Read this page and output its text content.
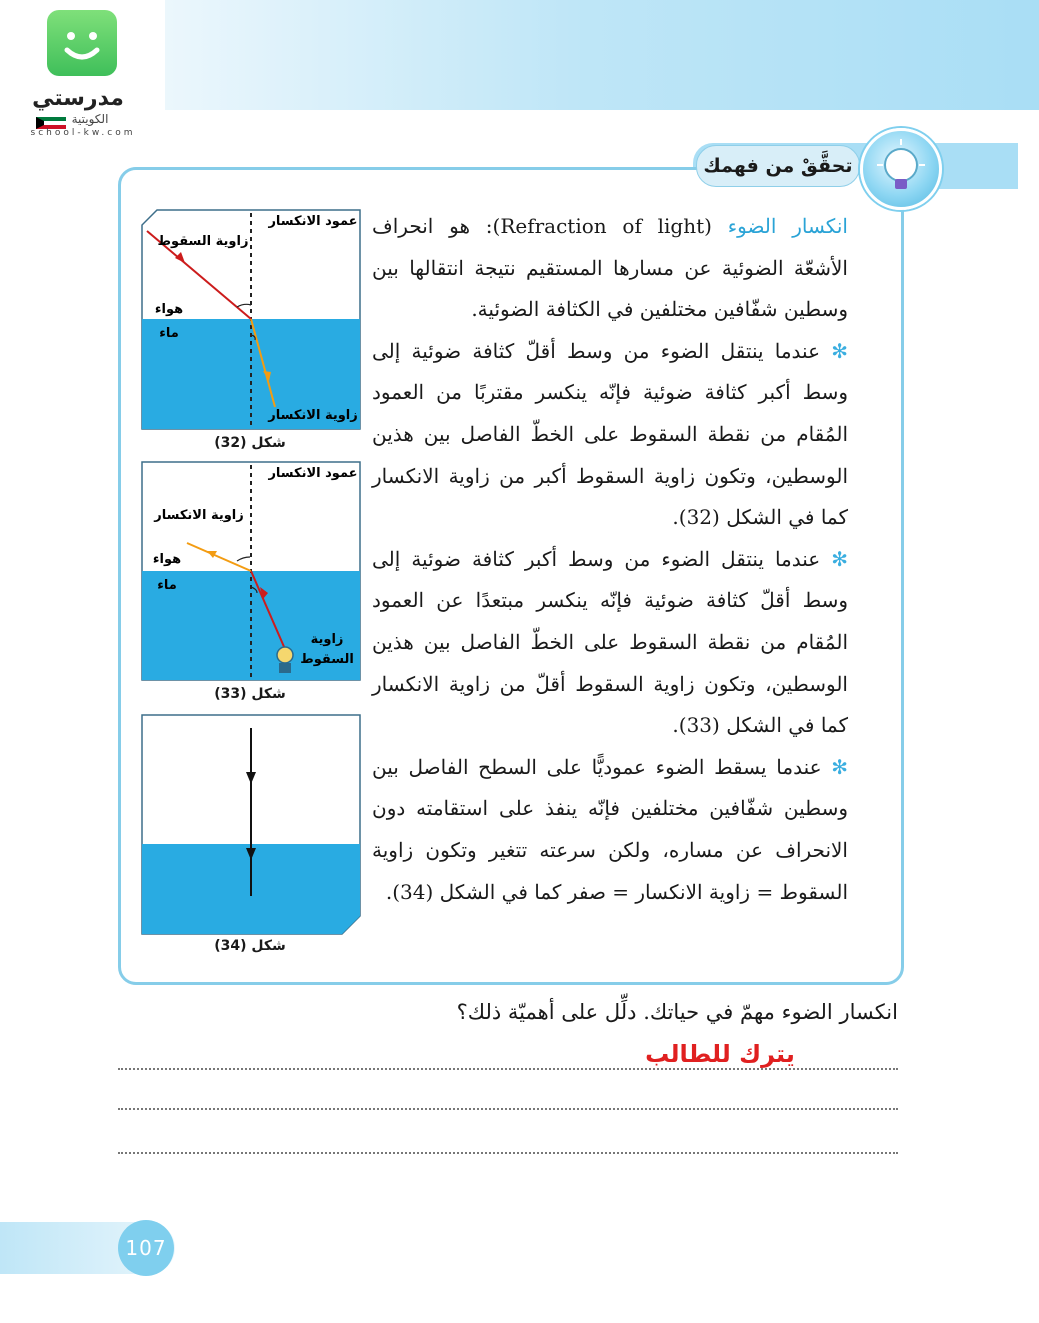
مدرستي
الكويتية
school-kw.com
تحقَّقْ من فهمك

انكسار الضوء (Refraction of light): هو انحراف الأشعّة الضوئية عن مسارها المستقيم نتيجة انتقالها بين وسطين شفّافين مختلفين في الكثافة الضوئية.

✻ عندما ينتقل الضوء من وسط أقلّ كثافة ضوئية إلى وسط أكبر كثافة ضوئية فإنّه ينكسر مقتربًا من العمود المُقام من نقطة السقوط على الخطّ الفاصل بين هذين الوسطين، وتكون زاوية السقوط أكبر من زاوية الانكسار كما في الشكل (32).

✻ عندما ينتقل الضوء من وسط أكبر كثافة ضوئية إلى وسط أقلّ كثافة ضوئية فإنّه ينكسر مبتعدًا عن العمود المُقام من نقطة السقوط على الخطّ الفاصل بين هذين الوسطين، وتكون زاوية السقوط أقلّ من زاوية الانكسار كما في الشكل (33).

✻ عندما يسقط الضوء عموديًّا على السطح الفاصل بين وسطين شفّافين مختلفين فإنّه ينفذ على استقامته دون الانحراف عن مساره، ولكن سرعته تتغير وتكون زاوية السقوط = زاوية الانكسار = صفر كما في الشكل (34).

عمود الانكسار
زاوية السقوط
هواء
ماء
زاوية الانكسار
شكل (32)
عمود الانكسار
زاوية الانكسار
هواء
ماء
زاوية
السقوط
شكل (33)
شكل (34)
انكسار الضوء مهمّ في حياتك. دلِّل على أهميّة ذلك؟
يترك للطالب
107
